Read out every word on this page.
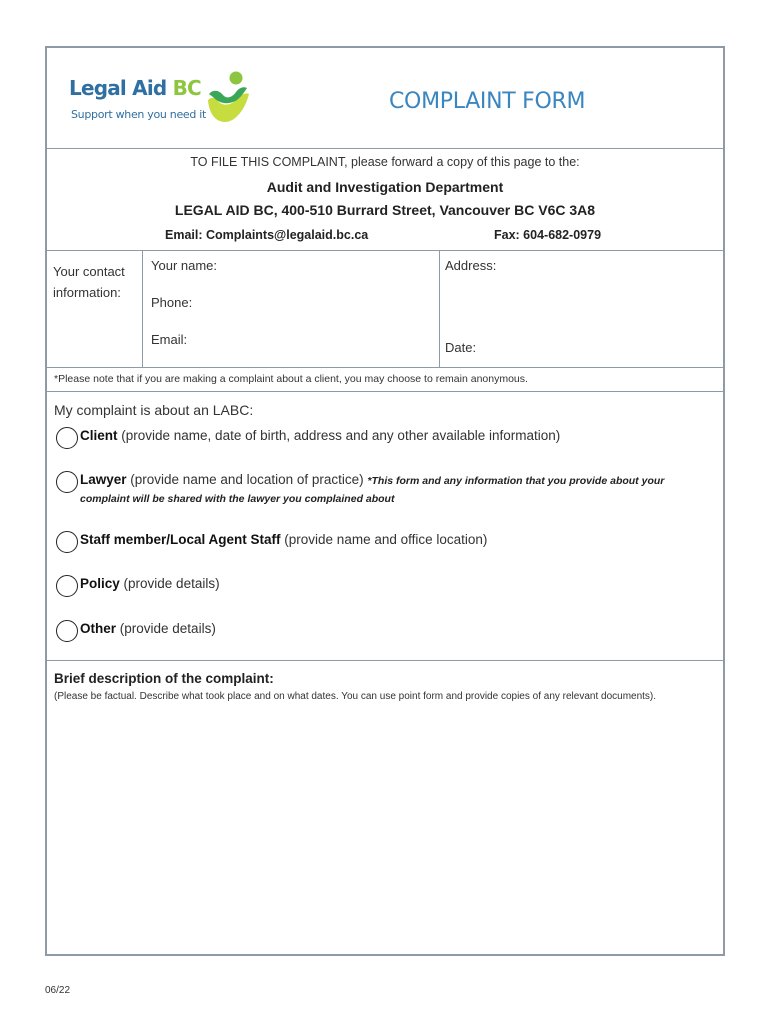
Legal Aid BC
Support when you need it
COMPLAINT FORM
TO FILE THIS COMPLAINT, please forward a copy of this page to the:
Audit and Investigation Department
LEGAL AID BC, 400-510 Burrard Street, Vancouver BC V6C 3A8
Email: Complaints@legalaid.bc.ca	Fax: 604-682-0979
Your contact information:
Your name:
Phone:
Email:
Address:
Date:
*Please note that if you are making a complaint about a client, you may choose to remain anonymous.
My complaint is about an LABC:
Client (provide name, date of birth, address and any other available information)
Lawyer (provide name and location of practice) *This form and any information that you provide about your
complaint will be shared with the lawyer you complained about
Staff member/Local Agent Staff (provide name and office location)
Policy (provide details)
Other (provide details)
Brief description of the complaint:
(Please be factual. Describe what took place and on what dates. You can use point form and provide copies of any relevant documents).
06/22
